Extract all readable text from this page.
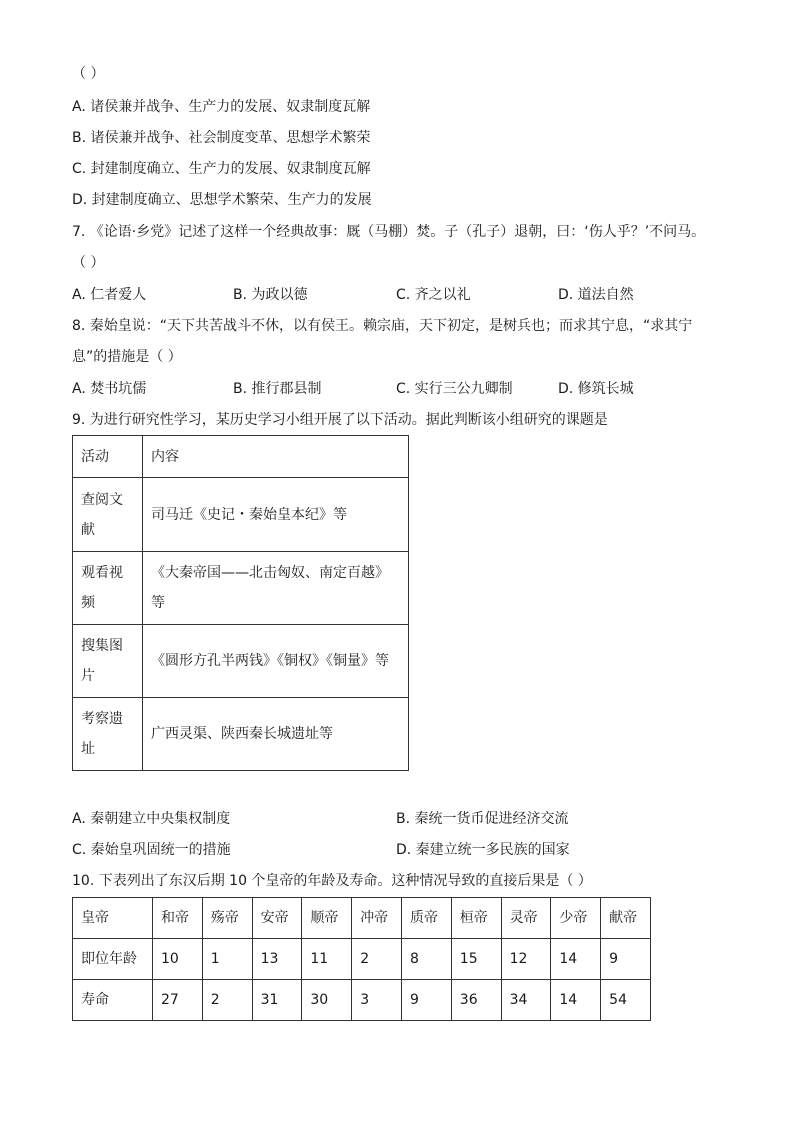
（ ）
A. 诸侯兼并战争、生产力的发展、奴隶制度瓦解
B. 诸侯兼并战争、社会制度变革、思想学术繁荣
C. 封建制度确立、生产力的发展、奴隶制度瓦解
D. 封建制度确立、思想学术繁荣、生产力的发展
7. 《论语·乡党》记述了这样一个经典故事：厩（马棚）焚。子（孔子）退朝，曰：‘伤人乎？’不问马。
（ ）
A. 仁者爱人	B. 为政以德	C. 齐之以礼	D. 道法自然
8. 秦始皇说：“天下共苦战斗不休，以有侯王。赖宗庙，天下初定，是树兵也；而求其宁息，“求其宁
息”的措施是（ ）
A. 焚书坑儒	B. 推行郡县制	C. 实行三公九卿制	D. 修筑长城
9. 为进行研究性学习，某历史学习小组开展了以下活动。据此判断该小组研究的课题是
活动	内容
查阅文
献	司马迁《史记・秦始皇本纪》等
观看视
频	《大秦帝国——北击匈奴、南定百越》
等
搜集图
片	《圆形方孔半两钱》《铜权》《铜量》等
考察遗
址	广西灵渠、陕西秦长城遗址等
A. 秦朝建立中央集权制度	B. 秦统一货币促进经济交流
C. 秦始皇巩固统一的措施	D. 秦建立统一多民族的国家
10. 下表列出了东汉后期 10 个皇帝的年龄及寿命。这种情况导致的直接后果是（ ）
皇帝	和帝	殇帝	安帝	顺帝	冲帝	质帝	桓帝	灵帝	少帝	献帝
即位年龄	10	1	13	11	2	8	15	12	14	9
寿命	27	2	31	30	3	9	36	34	14	54
